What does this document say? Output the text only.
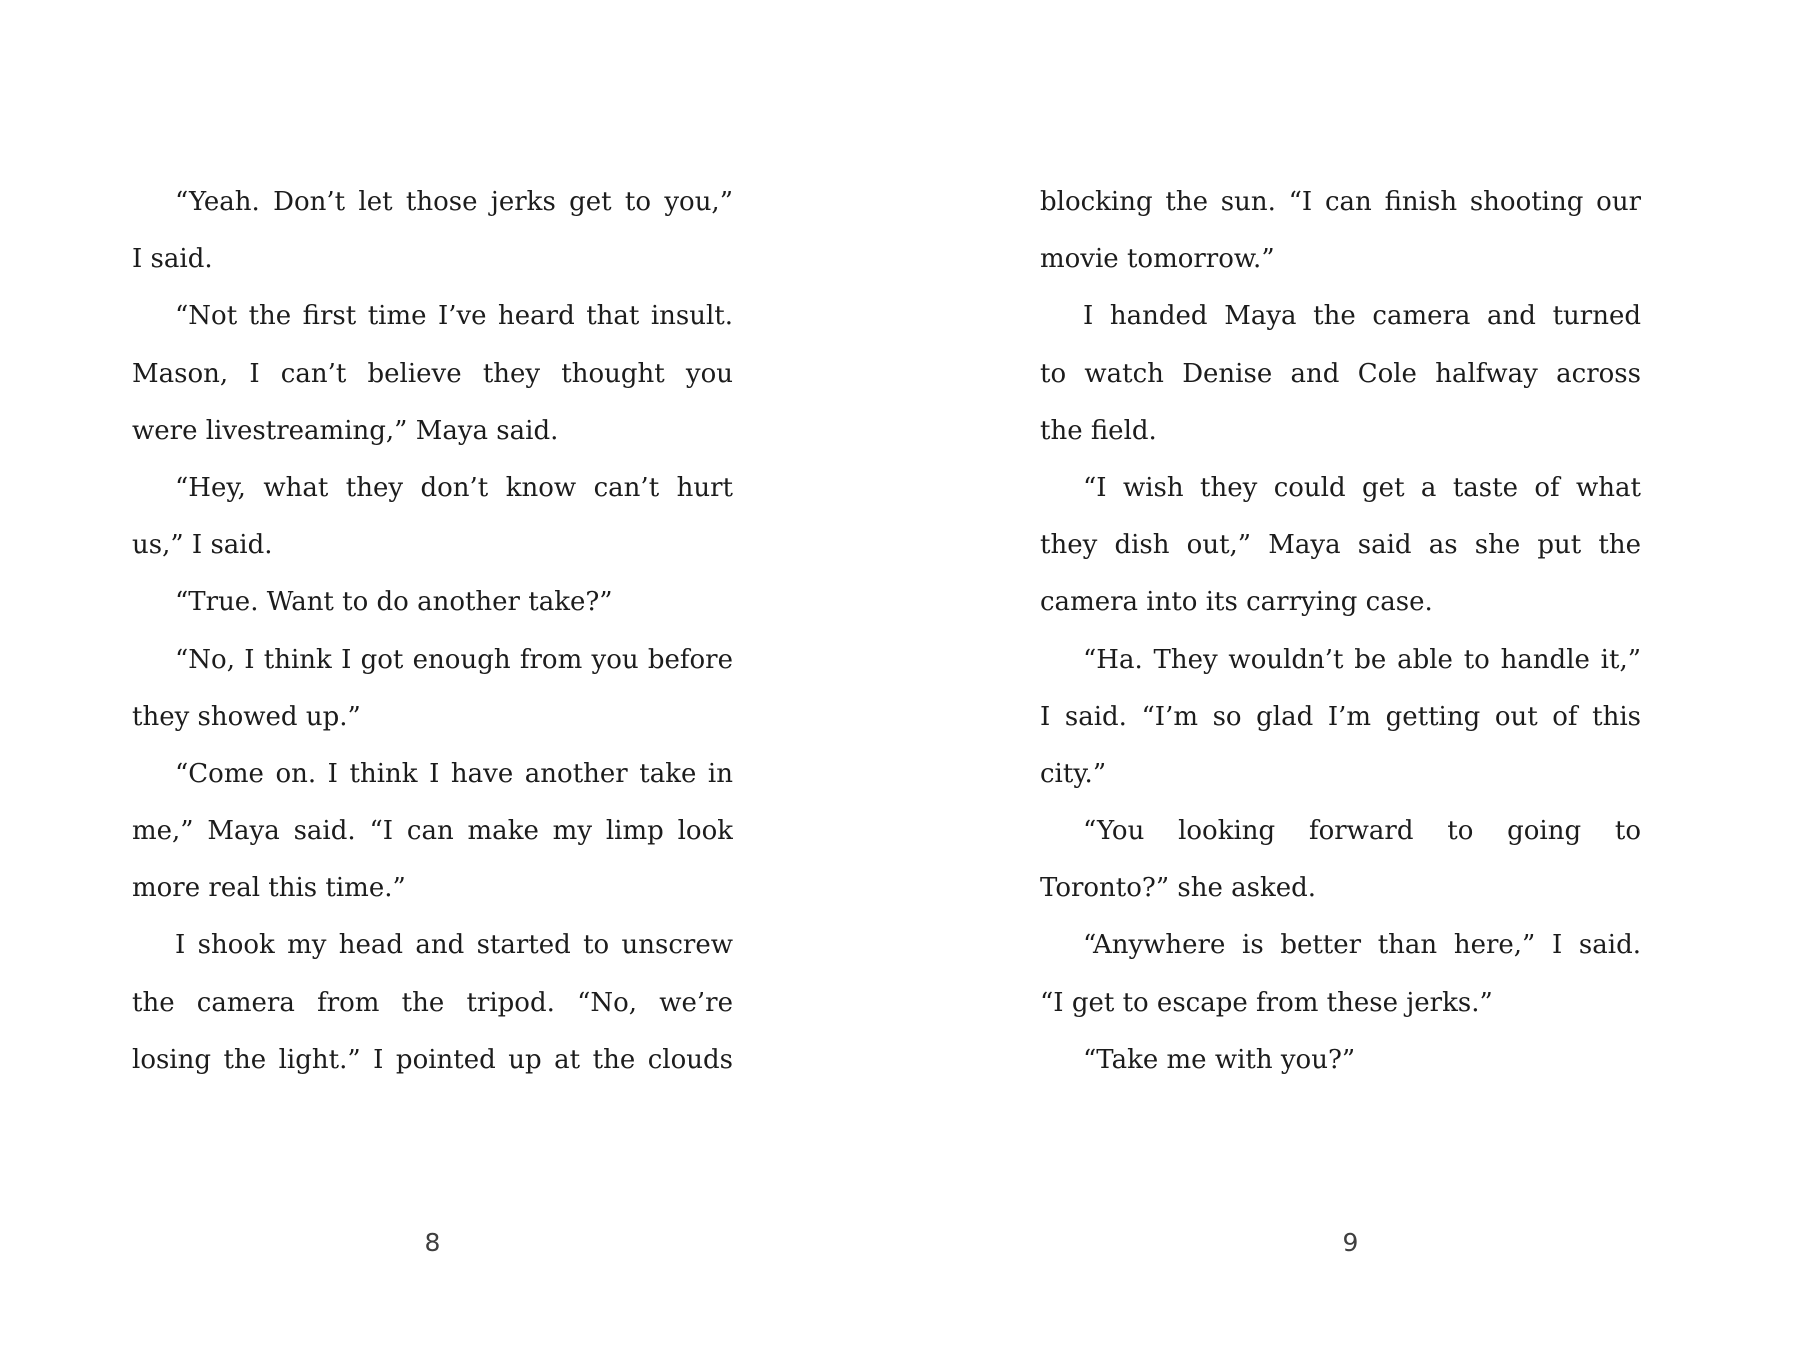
“Yeah. Don’t let those jerks get to you,”
I said.
“Not the first time I’ve heard that insult.
Mason, I can’t believe they thought you
were livestreaming,” Maya said.
“Hey, what they don’t know can’t hurt
us,” I said.
“True. Want to do another take?”
“No, I think I got enough from you before
they showed up.”
“Come on. I think I have another take in
me,” Maya said. “I can make my limp look
more real this time.”
I shook my head and started to unscrew
the camera from the tripod. “No, we’re
losing the light.” I pointed up at the clouds
8
blocking the sun. “I can finish shooting our
movie tomorrow.”
I handed Maya the camera and turned
to watch Denise and Cole halfway across
the field.
“I wish they could get a taste of what
they dish out,” Maya said as she put the
camera into its carrying case.
“Ha. They wouldn’t be able to handle it,”
I said. “I’m so glad I’m getting out of this
city.”
“You looking forward to going to
Toronto?” she asked.
“Anywhere is better than here,” I said.
“I get to escape from these jerks.”
“Take me with you?”
9
